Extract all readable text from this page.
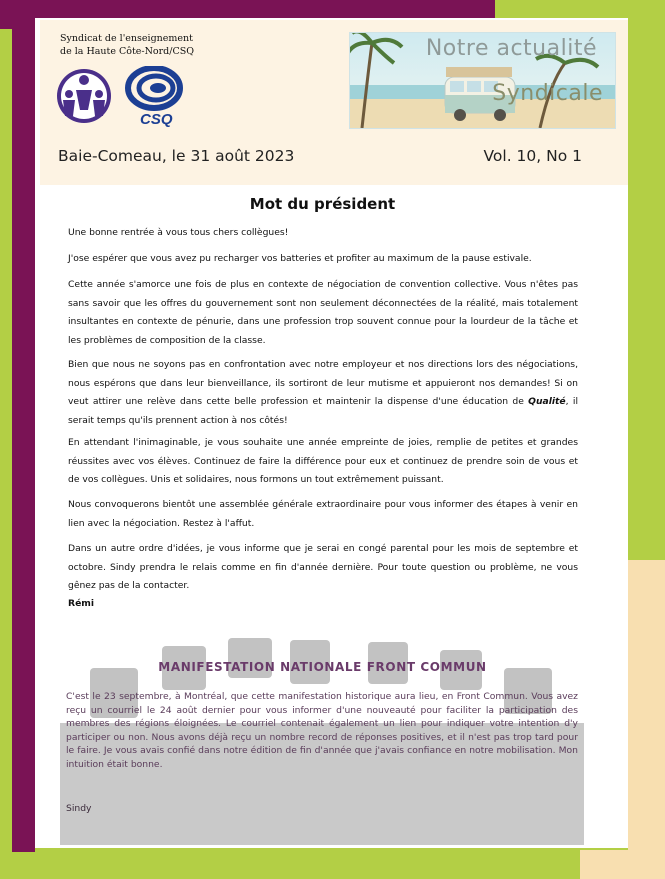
Syndicat de l'enseignement
de la Haute Côte-Nord/CSQ
CSQ
Notre actualité
Syndicale
Baie-Comeau, le 31 août 2023	Vol. 10, No 1
Mot du président

Une bonne rentrée à vous tous chers collègues!

J'ose espérer que vous avez pu recharger vos batteries et profiter au maximum de la pause estivale.

Cette année s'amorce une fois de plus en contexte de négociation de convention collective. Vous n'êtes pas sans savoir que les offres du gouvernement sont non seulement déconnectées de la réalité, mais totalement insultantes en contexte de pénurie, dans une profession trop souvent connue pour la lourdeur de la tâche et les problèmes de composition de la classe.

Bien que nous ne soyons pas en confrontation avec notre employeur et nos directions lors des négociations, nous espérons que dans leur bienveillance, ils sortiront de leur mutisme et appuieront nos demandes! Si on veut attirer une relève dans cette belle profession et maintenir la dispense d'une éducation de Qualité, il serait temps qu'ils prennent action à nos côtés!

En attendant l'inimaginable, je vous souhaite une année empreinte de joies, remplie de petites et grandes réussites avec vos élèves. Continuez de faire la différence pour eux et continuez de prendre soin de vous et de vos collègues. Unis et solidaires, nous formons un tout extrêmement puissant.

Nous convoquerons bientôt une assemblée générale extraordinaire pour vous informer des étapes à venir en lien avec la négociation. Restez à l'affut.

Dans un autre ordre d'idées, je vous informe que je serai en congé parental pour les mois de septembre et octobre. Sindy prendra le relais comme en fin d'année dernière. Pour toute question ou problème, ne vous gênez pas de la contacter.

Rémi
MANIFESTATION NATIONALE FRONT COMMUN

C'est le 23 septembre, à Montréal, que cette manifestation historique aura lieu, en Front Commun. Vous avez reçu un courriel le 24 août dernier pour vous informer d'une nouveauté pour faciliter la participation des membres des régions éloignées. Le courriel contenait également un lien pour indiquer votre intention d'y participer ou non. Nous avons déjà reçu un nombre record de réponses positives, et il n'est pas trop tard pour le faire. Je vous avais confié dans notre édition de fin d'année que j'avais confiance en notre mobilisation. Mon intuition était bonne.

Sindy
